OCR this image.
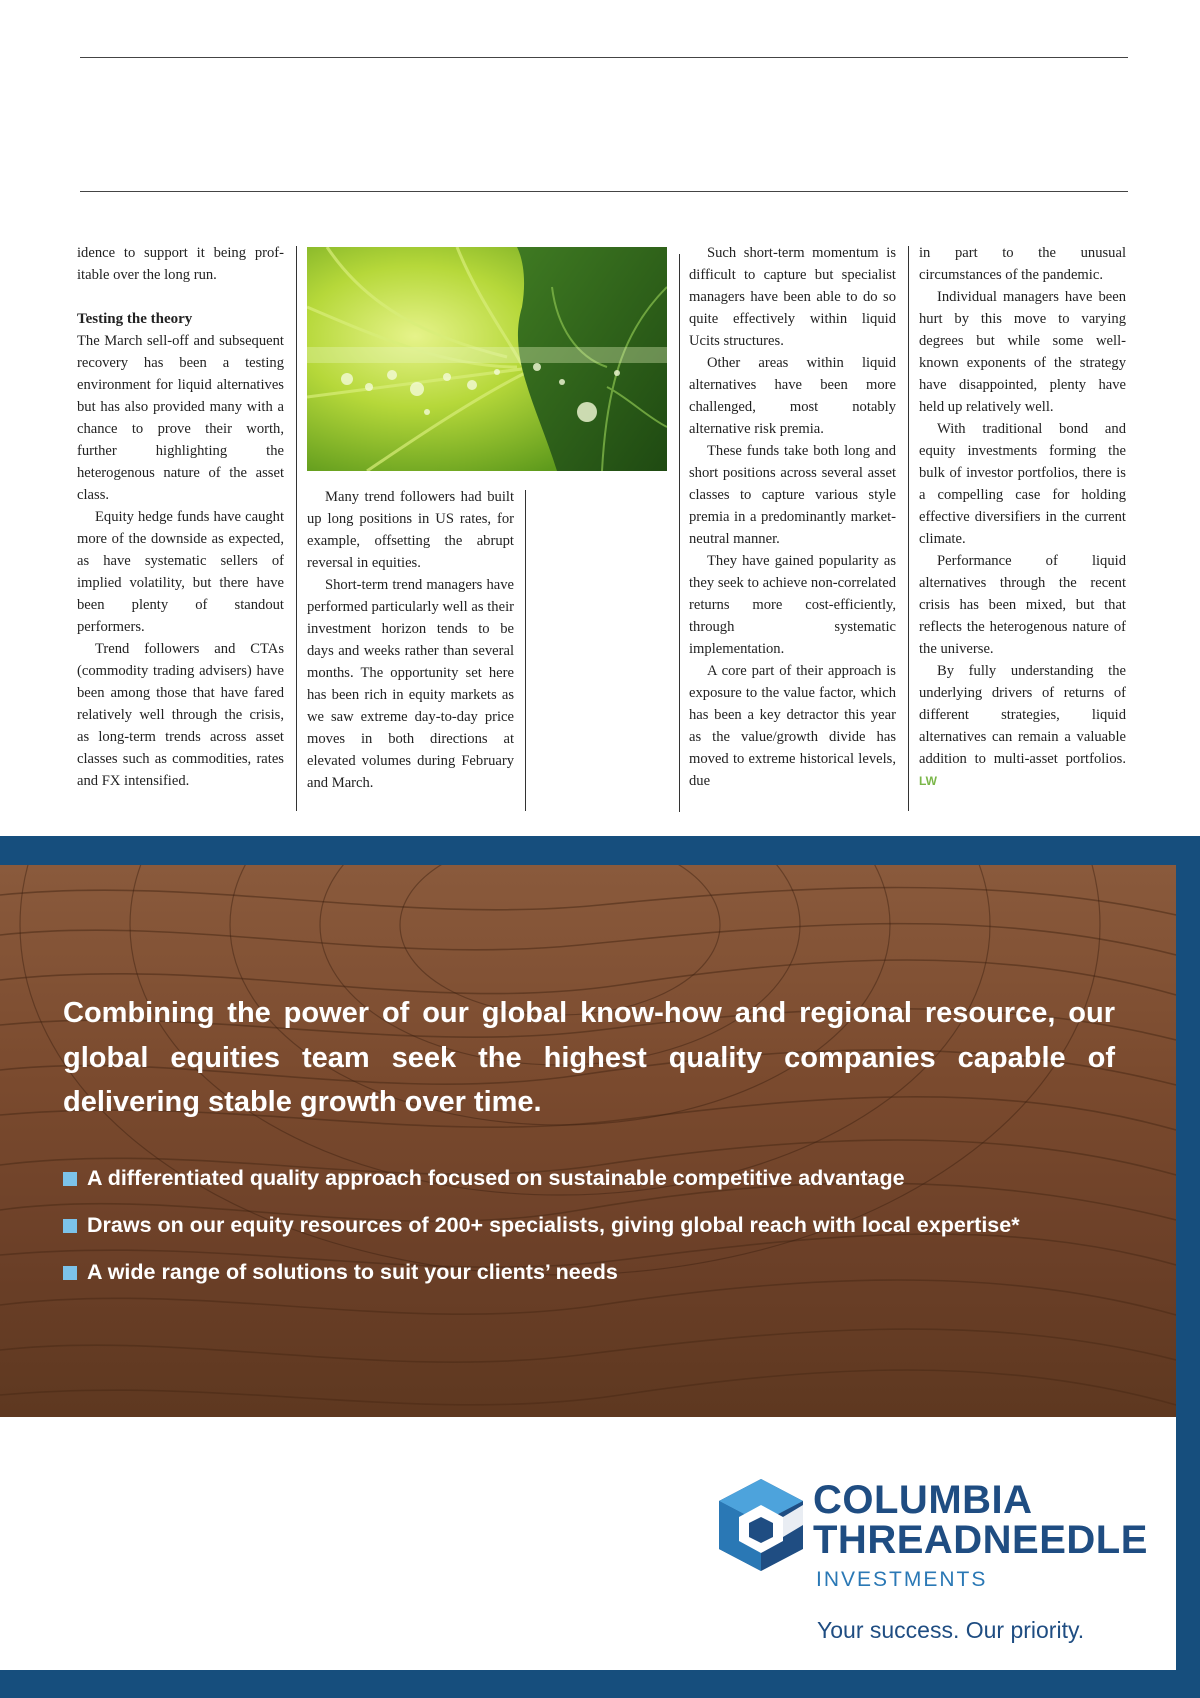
idence to support it being prof-itable over the long run.

Testing the theory

The March sell-off and subsequent recovery has been a testing environment for liquid alternatives but has also provided many with a chance to prove their worth, further highlighting the heterogenous nature of the asset class.

Equity hedge funds have caught more of the downside as expected, as have systematic sellers of implied volatility, but there have been plenty of standout performers.

Trend followers and CTAs (commodity trading advisers) have been among those that have fared relatively well through the crisis, as long-term trends across asset classes such as commodities, rates and FX intensified.

Many trend followers had built up long positions in US rates, for example, offsetting the abrupt reversal in equities.

Short-term trend managers have performed particularly well as their investment horizon tends to be days and weeks rather than several months. The opportunity set here has been rich in equity markets as we saw extreme day-to-day price moves in both directions at elevated volumes during February and March.

Such short-term momentum is difficult to capture but specialist managers have been able to do so quite effectively within liquid Ucits structures.

Other areas within liquid alternatives have been more challenged, most notably alternative risk premia.

These funds take both long and short positions across several asset classes to capture various style premia in a predominantly market-neutral manner.

They have gained popularity as they seek to achieve non-correlated returns more cost-efficiently, through systematic implementation.

A core part of their approach is exposure to the value factor, which has been a key detractor this year as the value/growth divide has moved to extreme historical levels, due

in part to the unusual circumstances of the pandemic.

Individual managers have been hurt by this move to varying degrees but while some well-known exponents of the strategy have disappointed, plenty have held up relatively well.

With traditional bond and equity investments forming the bulk of investor portfolios, there is a compelling case for holding effective diversifiers in the current climate.

Performance of liquid alternatives through the recent crisis has been mixed, but that reflects the heterogenous nature of the universe.

By fully understanding the underlying drivers of returns of different strategies, liquid alternatives can remain a valuable addition to multi-asset portfolios. LW

Combining the power of our global know-how and regional resource, our global equities team seek the highest quality companies capable of delivering stable growth over time.

A differentiated quality approach focused on sustainable competitive advantage
Draws on our equity resources of 200+ specialists, giving global reach with local expertise*
A wide range of solutions to suit your clients’ needs
COLUMBIA
THREADNEEDLE
INVESTMENTS
Your success. Our priority.
